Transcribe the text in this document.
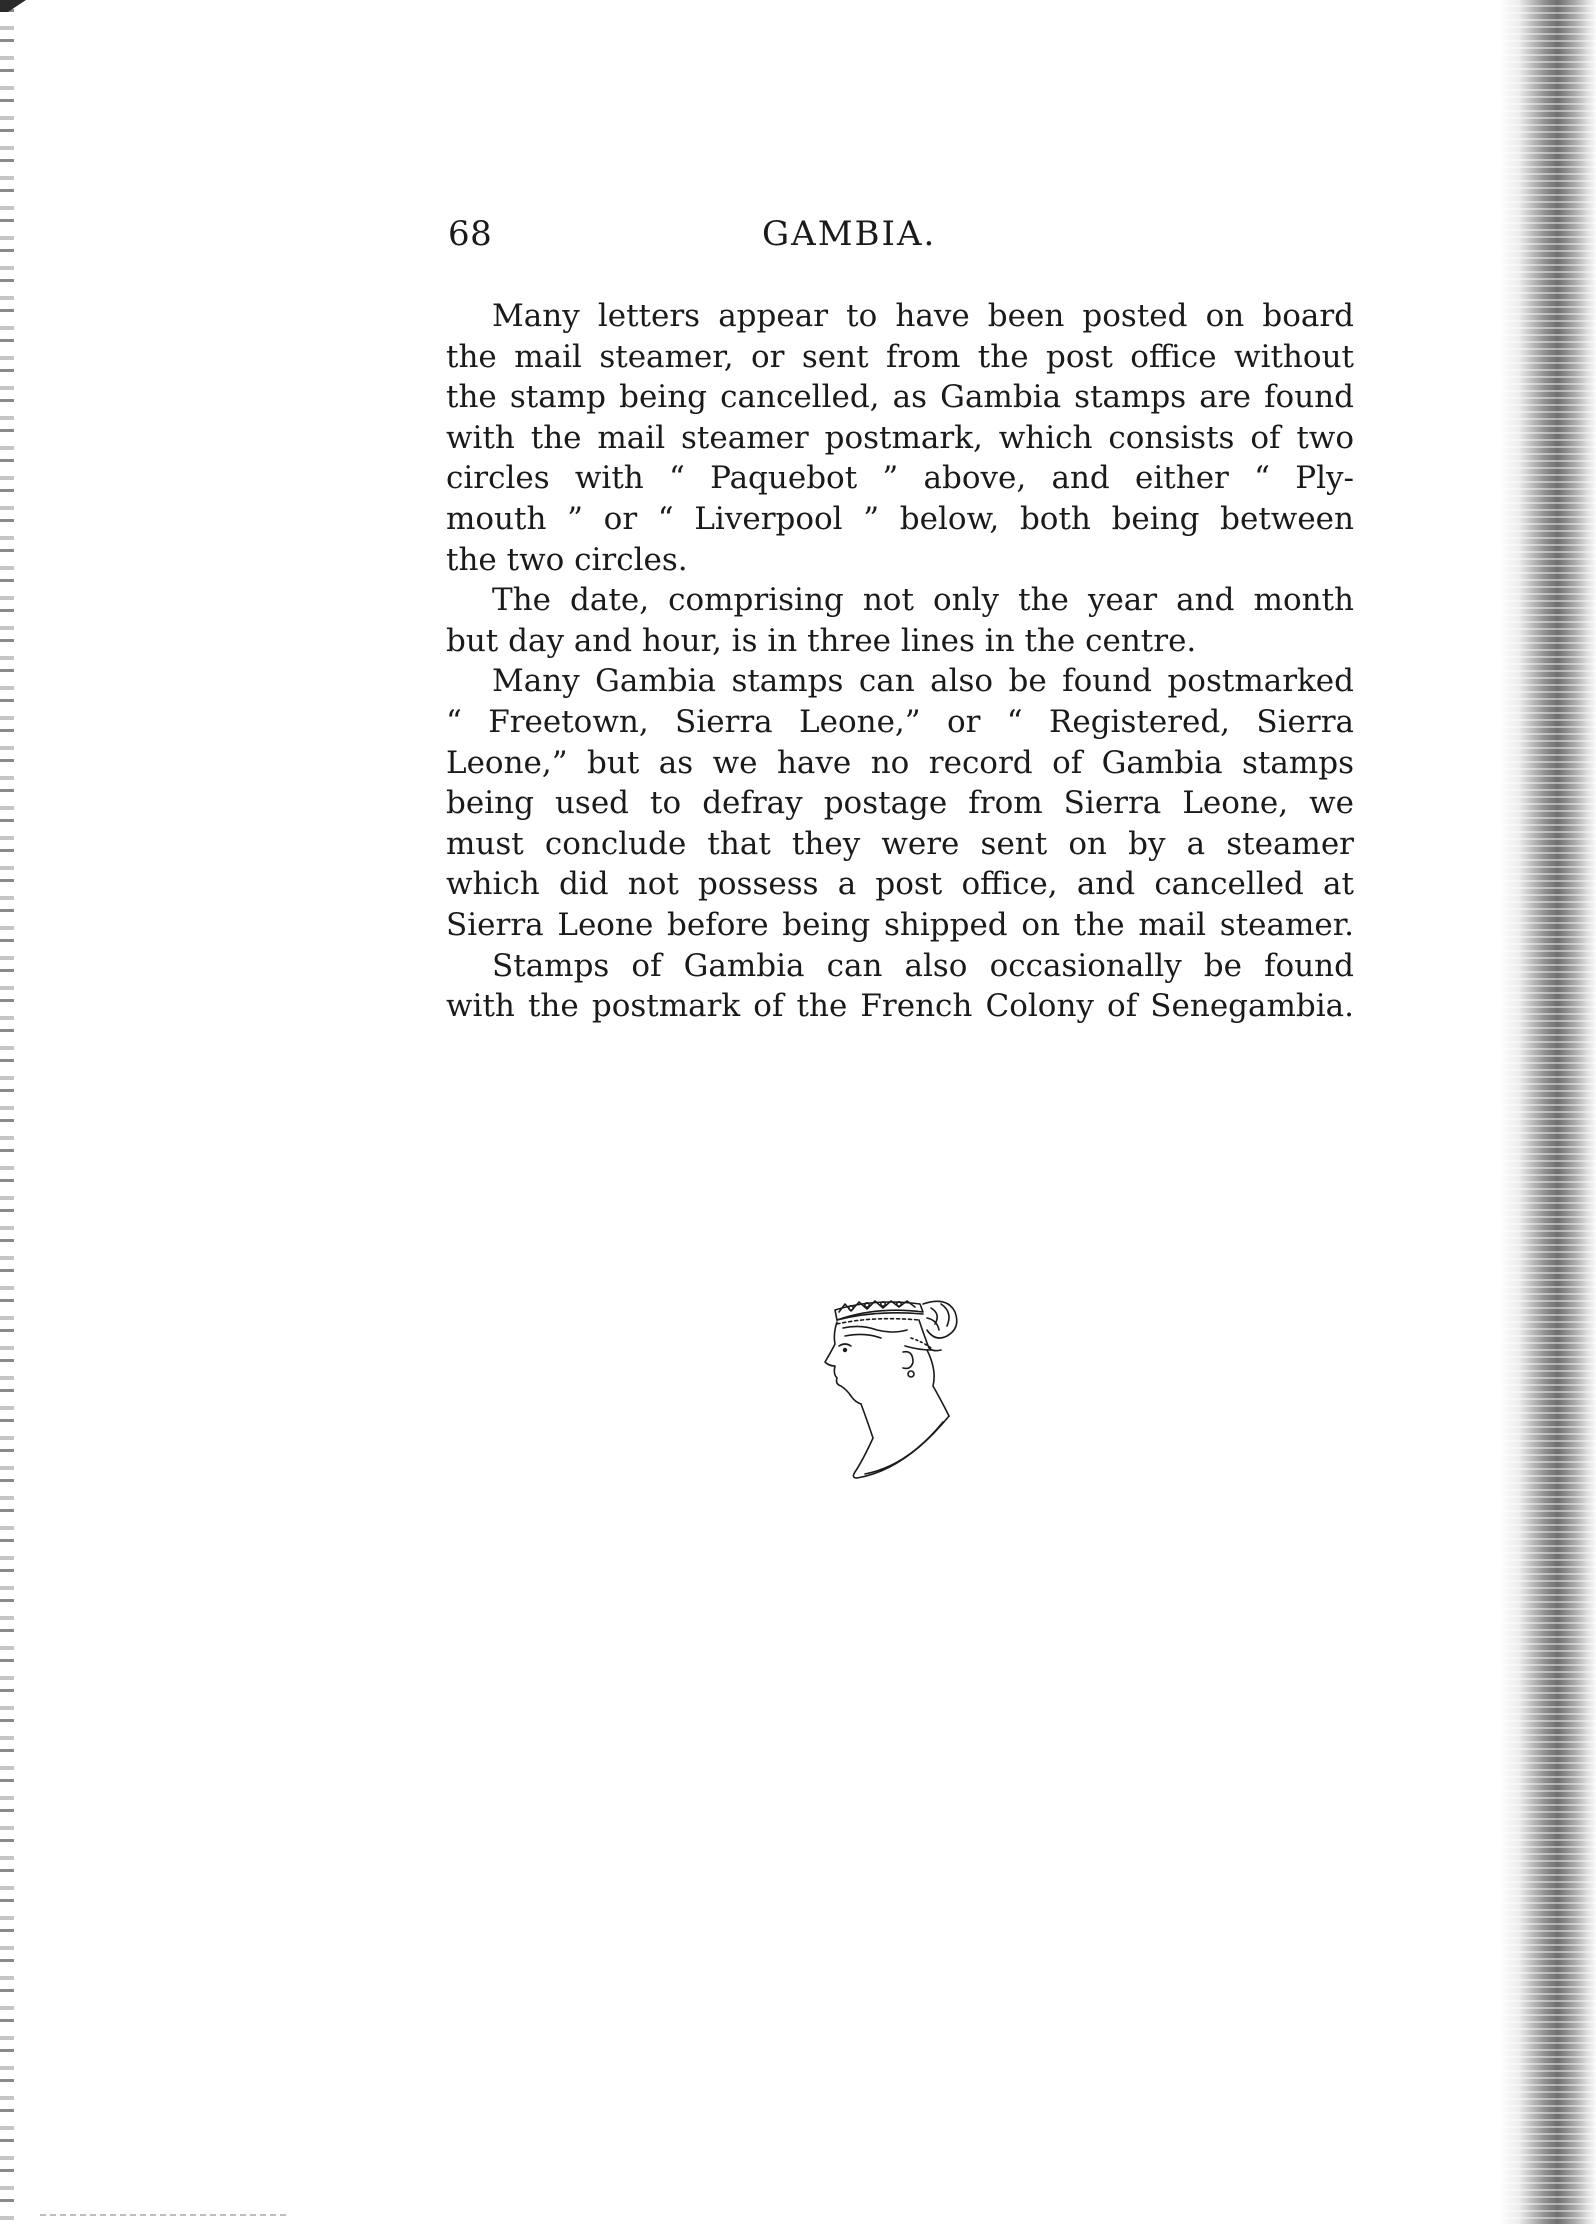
68	GAMBIA.
Many letters appear to have been posted on board
the mail steamer, or sent from the post office without
the stamp being cancelled, as Gambia stamps are found
with the mail steamer postmark, which consists of two
circles with “ Paquebot ” above, and either “ Ply-
mouth ” or “ Liverpool ” below, both being between
the two circles.
The date, comprising not only the year and month
but day and hour, is in three lines in the centre.
Many Gambia stamps can also be found postmarked
“ Freetown, Sierra Leone,” or “ Registered, Sierra
Leone,” but as we have no record of Gambia stamps
being used to defray postage from Sierra Leone, we
must conclude that they were sent on by a steamer
which did not possess a post office, and cancelled at
Sierra Leone before being shipped on the mail steamer.
Stamps of Gambia can also occasionally be found
with the postmark of the French Colony of Senegambia.
